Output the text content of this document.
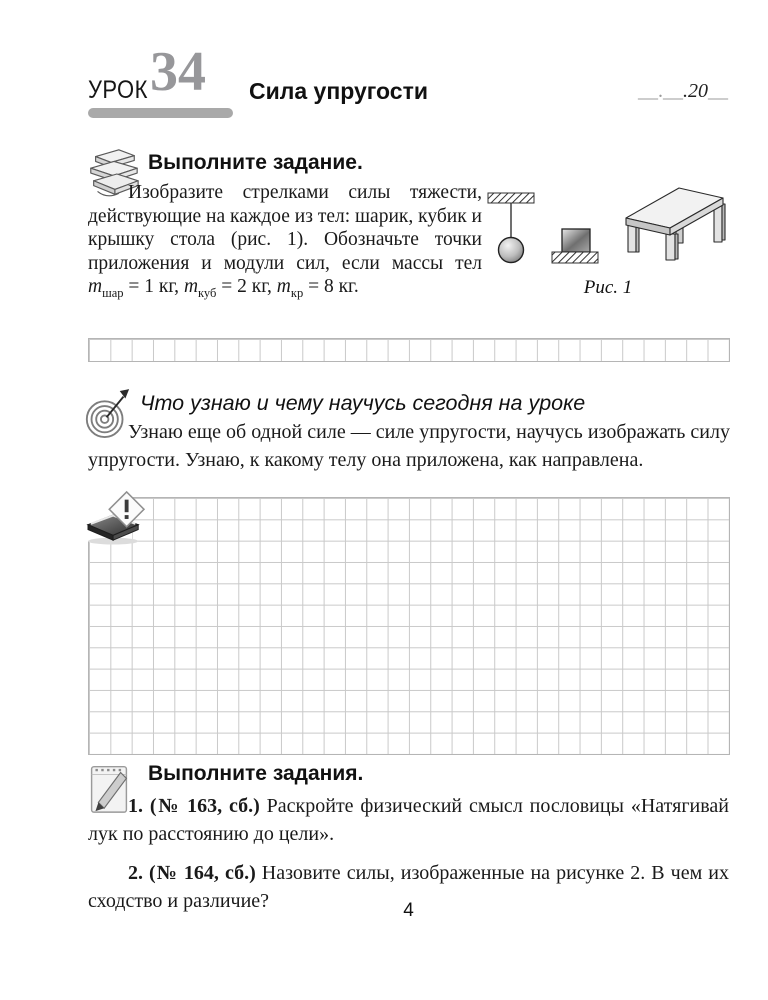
УРОК 34 Сила упругости	__.__.20__
Выполните задание.

Изобразите стрелками силы тяжести, действующие на каждое из тел: шарик, кубик и крышку стола (рис. 1). Обозначьте точки приложения и модули сил, если массы тел $m_{шар} = 1$ кг, $m_{куб} = 2$ кг, $m_{кр} = 8$ кг.	Рис. 1
Что узнаю и чему научусь сегодня на уроке

Узнаю еще об одной силе — силе упругости, научусь изображать силу упругости. Узнаю, к какому телу она приложена, как направлена.

Выполните задания.

1. (№ 163, сб.) Раскройте физический смысл пословицы «Натягивай лук по расстоянию до цели».

2. (№ 164, сб.) Назовите силы, изображенные на рисунке 2. В чем их сходство и различие?	4
